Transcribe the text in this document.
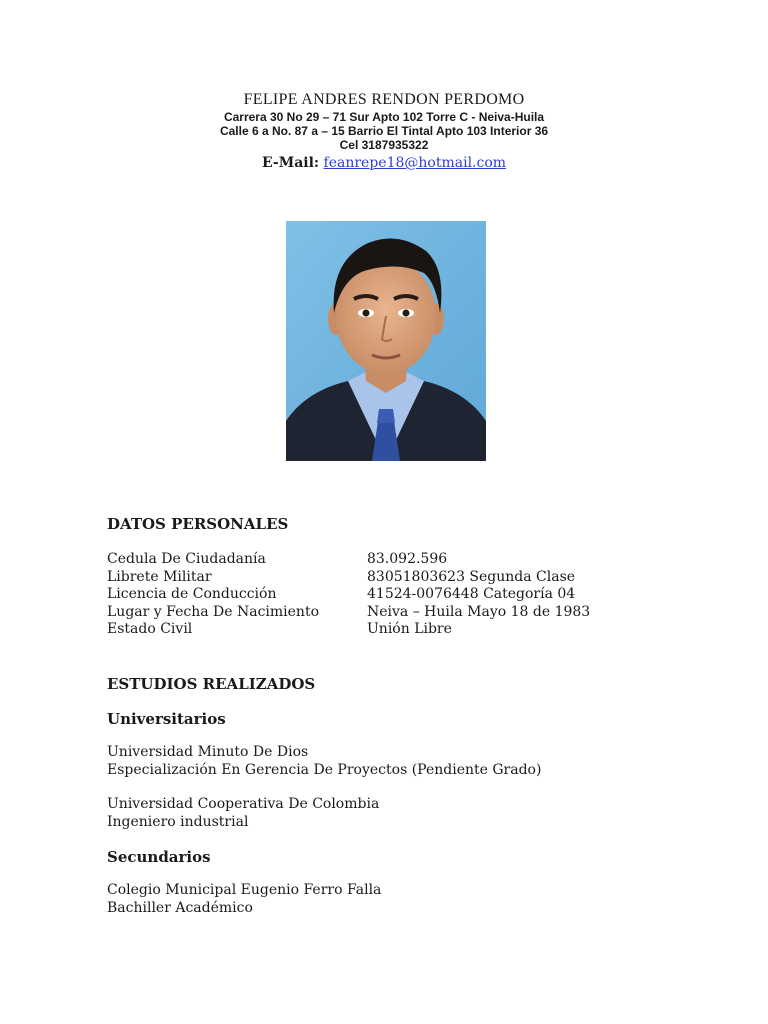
FELIPE ANDRES RENDON PERDOMO
Carrera 30 No 29 – 71 Sur Apto 102 Torre C - Neiva-Huila
Calle 6 a No. 87 a – 15 Barrio El Tintal Apto 103 Interior 36
Cel 3187935322
E-Mail: feanrepe18@hotmail.com
DATOS PERSONALES
Cedula De Ciudadanía	83.092.596
Librete Militar	83051803623 Segunda Clase
Licencia de Conducción	41524-0076448 Categoría 04
Lugar y Fecha De Nacimiento	Neiva – Huila Mayo 18 de 1983
Estado Civil	Unión Libre
ESTUDIOS REALIZADOS
Universitarios
Universidad Minuto De Dios
Especialización En Gerencia De Proyectos (Pendiente Grado)
Universidad Cooperativa De Colombia
Ingeniero industrial
Secundarios
Colegio Municipal Eugenio Ferro Falla
Bachiller Académico
